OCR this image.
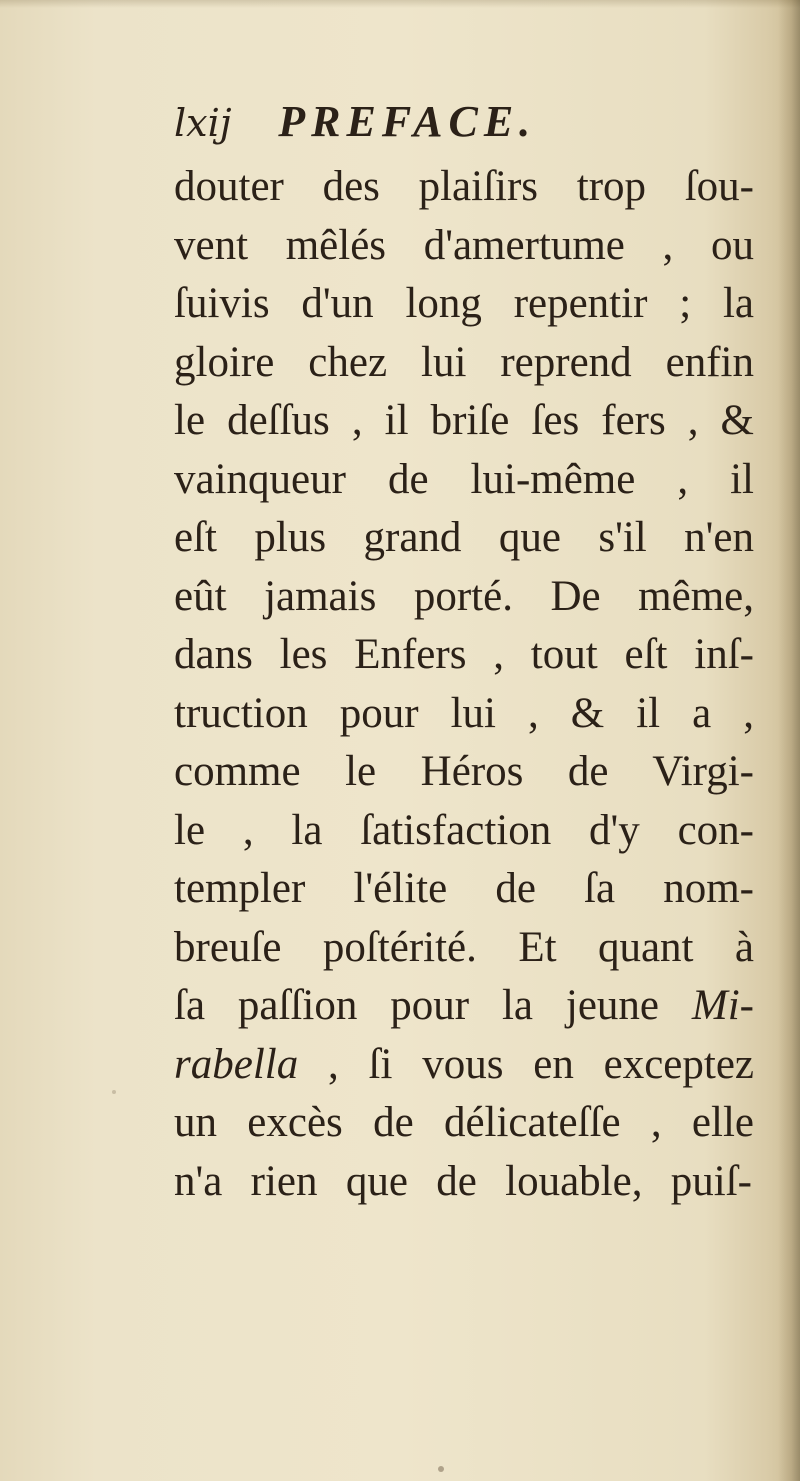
lxij PREFACE.
douter des plaiſirs trop ſou-
vent mêlés d'amertume , ou
ſuivis d'un long repentir ; la
gloire chez lui reprend enfin
le deſſus , il briſe ſes fers , &
vainqueur de lui-même , il
eſt plus grand que s'il n'en
eût jamais porté. De même,
dans les Enfers , tout eſt inſ-
truction pour lui , & il a ,
comme le Héros de Virgi-
le , la ſatisfaction d'y con-
templer l'élite de ſa nom-
breuſe poſtérité. Et quant à
ſa paſſion pour la jeune Mi-
rabella , ſi vous en exceptez
un excès de délicateſſe , elle
n'a rien que de louable, puiſ-
